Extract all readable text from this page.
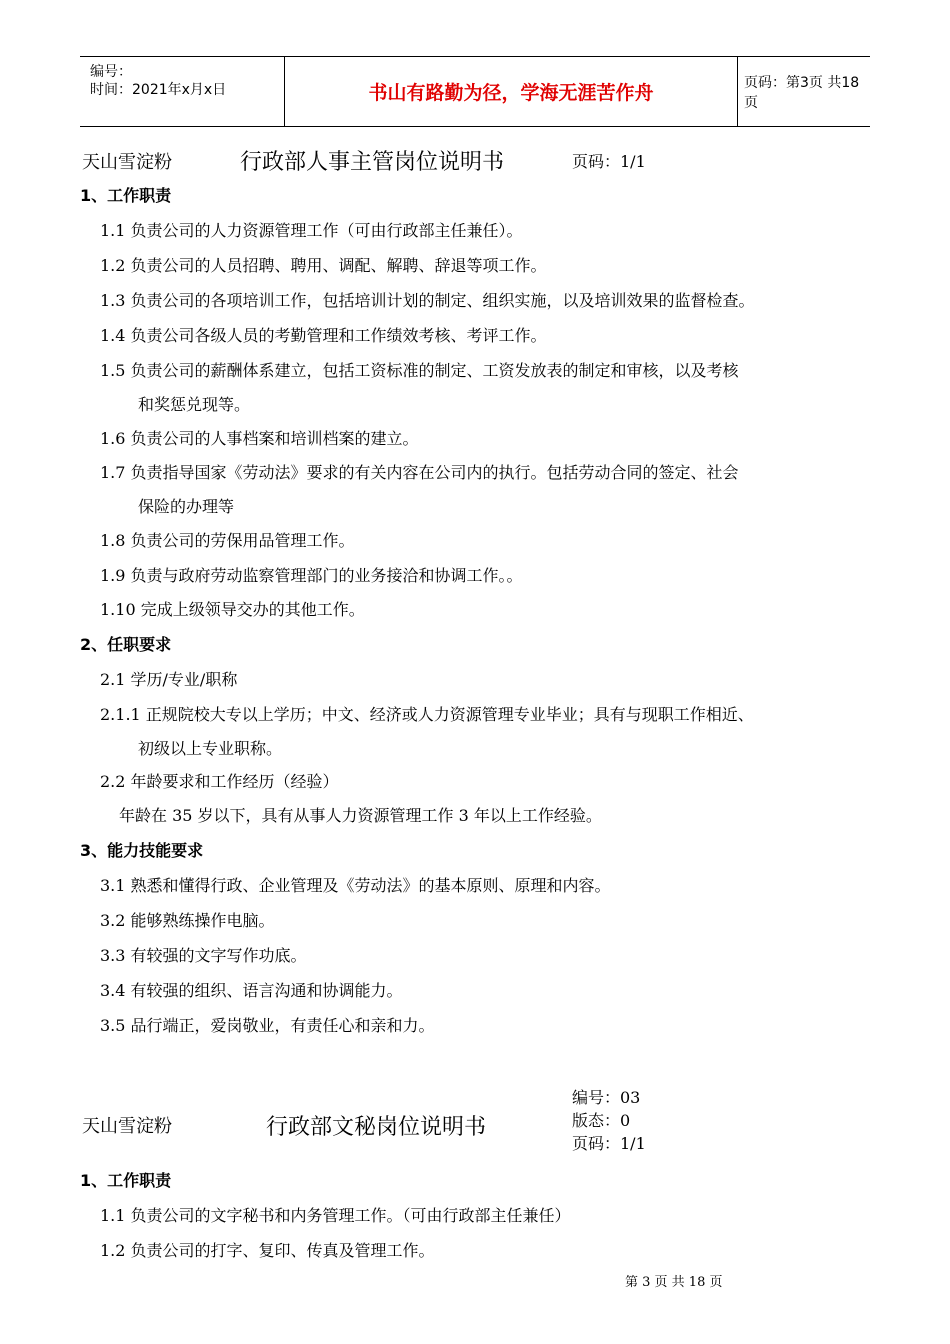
编号：
时间：2021年x月x日	书山有路勤为径，学海无涯苦作舟	页码：第3页 共18页
天山雪淀粉	行政部人事主管岗位说明书	页码：1/1
1、工作职责
1.1 负责公司的人力资源管理工作（可由行政部主任兼任）。
1.2 负责公司的人员招聘、聘用、调配、解聘、辞退等项工作。
1.3 负责公司的各项培训工作，包括培训计划的制定、组织实施，以及培训效果的监督检查。
1.4 负责公司各级人员的考勤管理和工作绩效考核、考评工作。
1.5 负责公司的薪酬体系建立，包括工资标准的制定、工资发放表的制定和审核，以及考核
和奖惩兑现等。
1.6 负责公司的人事档案和培训档案的建立。
1.7 负责指导国家《劳动法》要求的有关内容在公司内的执行。包括劳动合同的签定、社会
保险的办理等
1.8 负责公司的劳保用品管理工作。
1.9 负责与政府劳动监察管理部门的业务接洽和协调工作。。
1.10 完成上级领导交办的其他工作。
2、任职要求
2.1 学历/专业/职称
2.1.1 正规院校大专以上学历；中文、经济或人力资源管理专业毕业；具有与现职工作相近、
初级以上专业职称。
2.2 年龄要求和工作经历（经验）
年龄在 35 岁以下，具有从事人力资源管理工作 3 年以上工作经验。
3、能力技能要求
3.1 熟悉和懂得行政、企业管理及《劳动法》的基本原则、原理和内容。
3.2 能够熟练操作电脑。
3.3 有较强的文字写作功底。
3.4 有较强的组织、语言沟通和协调能力。
3.5 品行端正，爱岗敬业，有责任心和亲和力。
编号：03
版态：0
页码：1/1
天山雪淀粉	行政部文秘岗位说明书
1、工作职责
1.1 负责公司的文字秘书和内务管理工作。（可由行政部主任兼任）
1.2 负责公司的打字、复印、传真及管理工作。
第 3 页 共 18 页
